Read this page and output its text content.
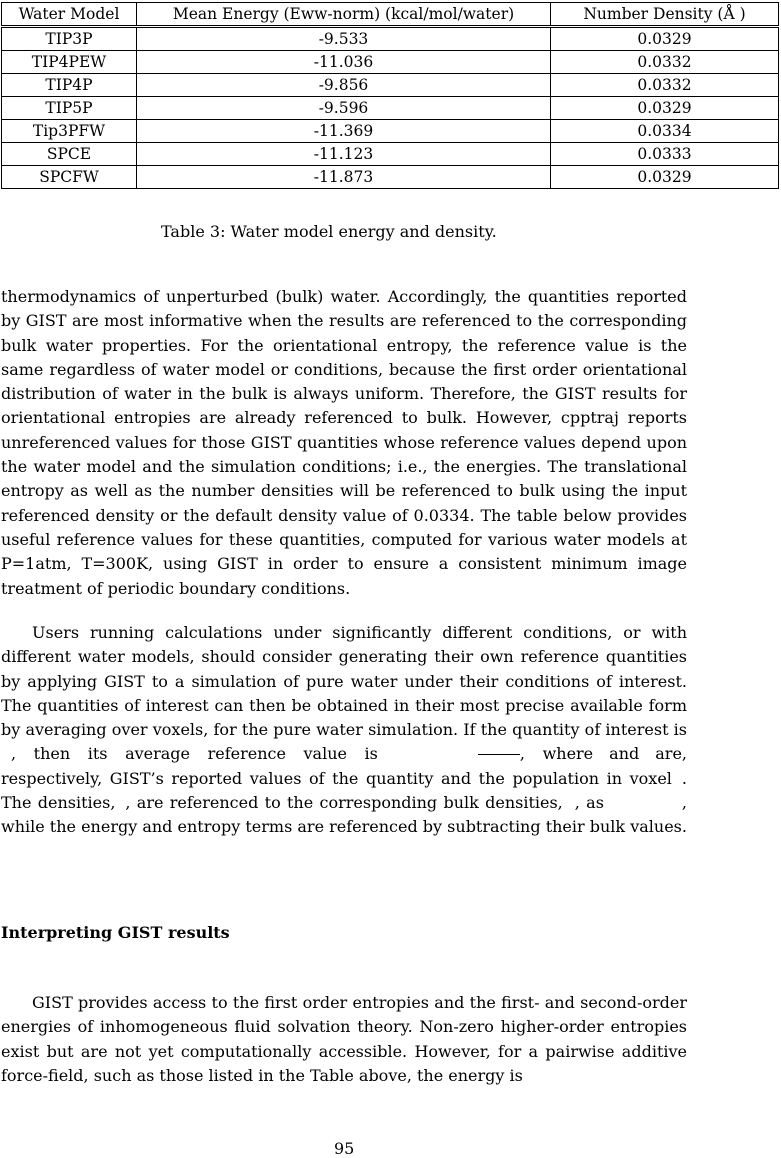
Water Model	Mean Energy (Eww-norm) (kcal/mol/water)	Number Density (Å )
TIP3P	-9.533	0.0329
TIP4PEW	-11.036	0.0332
TIP4P	-9.856	0.0332
TIP5P	-9.596	0.0329
Tip3PFW	-11.369	0.0334
SPCE	-11.123	0.0333
SPCFW	-11.873	0.0329
Table 3: Water model energy and density.

thermodynamics of unperturbed (bulk) water. Accordingly, the quantities reported by GIST are most informative when the results are referenced to the corresponding bulk water properties. For the orientational entropy, the reference value is the same regardless of water model or conditions, because the first order orientational distribution of water in the bulk is always uniform. Therefore, the GIST results for orientational entropies are already referenced to bulk. However, cpptraj reports unreferenced values for those GIST quantities whose reference values depend upon the water model and the simulation conditions; i.e., the energies. The translational entropy as well as the number densities will be referenced to bulk using the input referenced density or the default density value of 0.0334. The table below provides useful reference values for these quantities, computed for various water models at P=1atm, T=300K, using GIST in order to ensure a consistent minimum image treatment of periodic boundary conditions.

Users running calculations under significantly different conditions, or with different water models, should consider generating their own reference quantities by applying GIST to a simulation of pure water under their conditions of interest. The quantities of interest can then be obtained in their most precise available form by averaging over voxels, for the pure water simulation. If the quantity of interest is, then its average reference value is	, where and are, respectively, GIST’s reported values of the quantity and the population in voxel . The densities, , are referenced to the corresponding bulk densities, , as	, while the energy and entropy terms are referenced by subtracting their bulk values.

Interpreting GIST results

GIST provides access to the first order entropies and the first- and second-order energies of inhomogeneous fluid solvation theory. Non-zero higher-order entropies exist but are not yet computationally accessible. However, for a pairwise additive force-field, such as those listed in the Table above, the energy is

95
